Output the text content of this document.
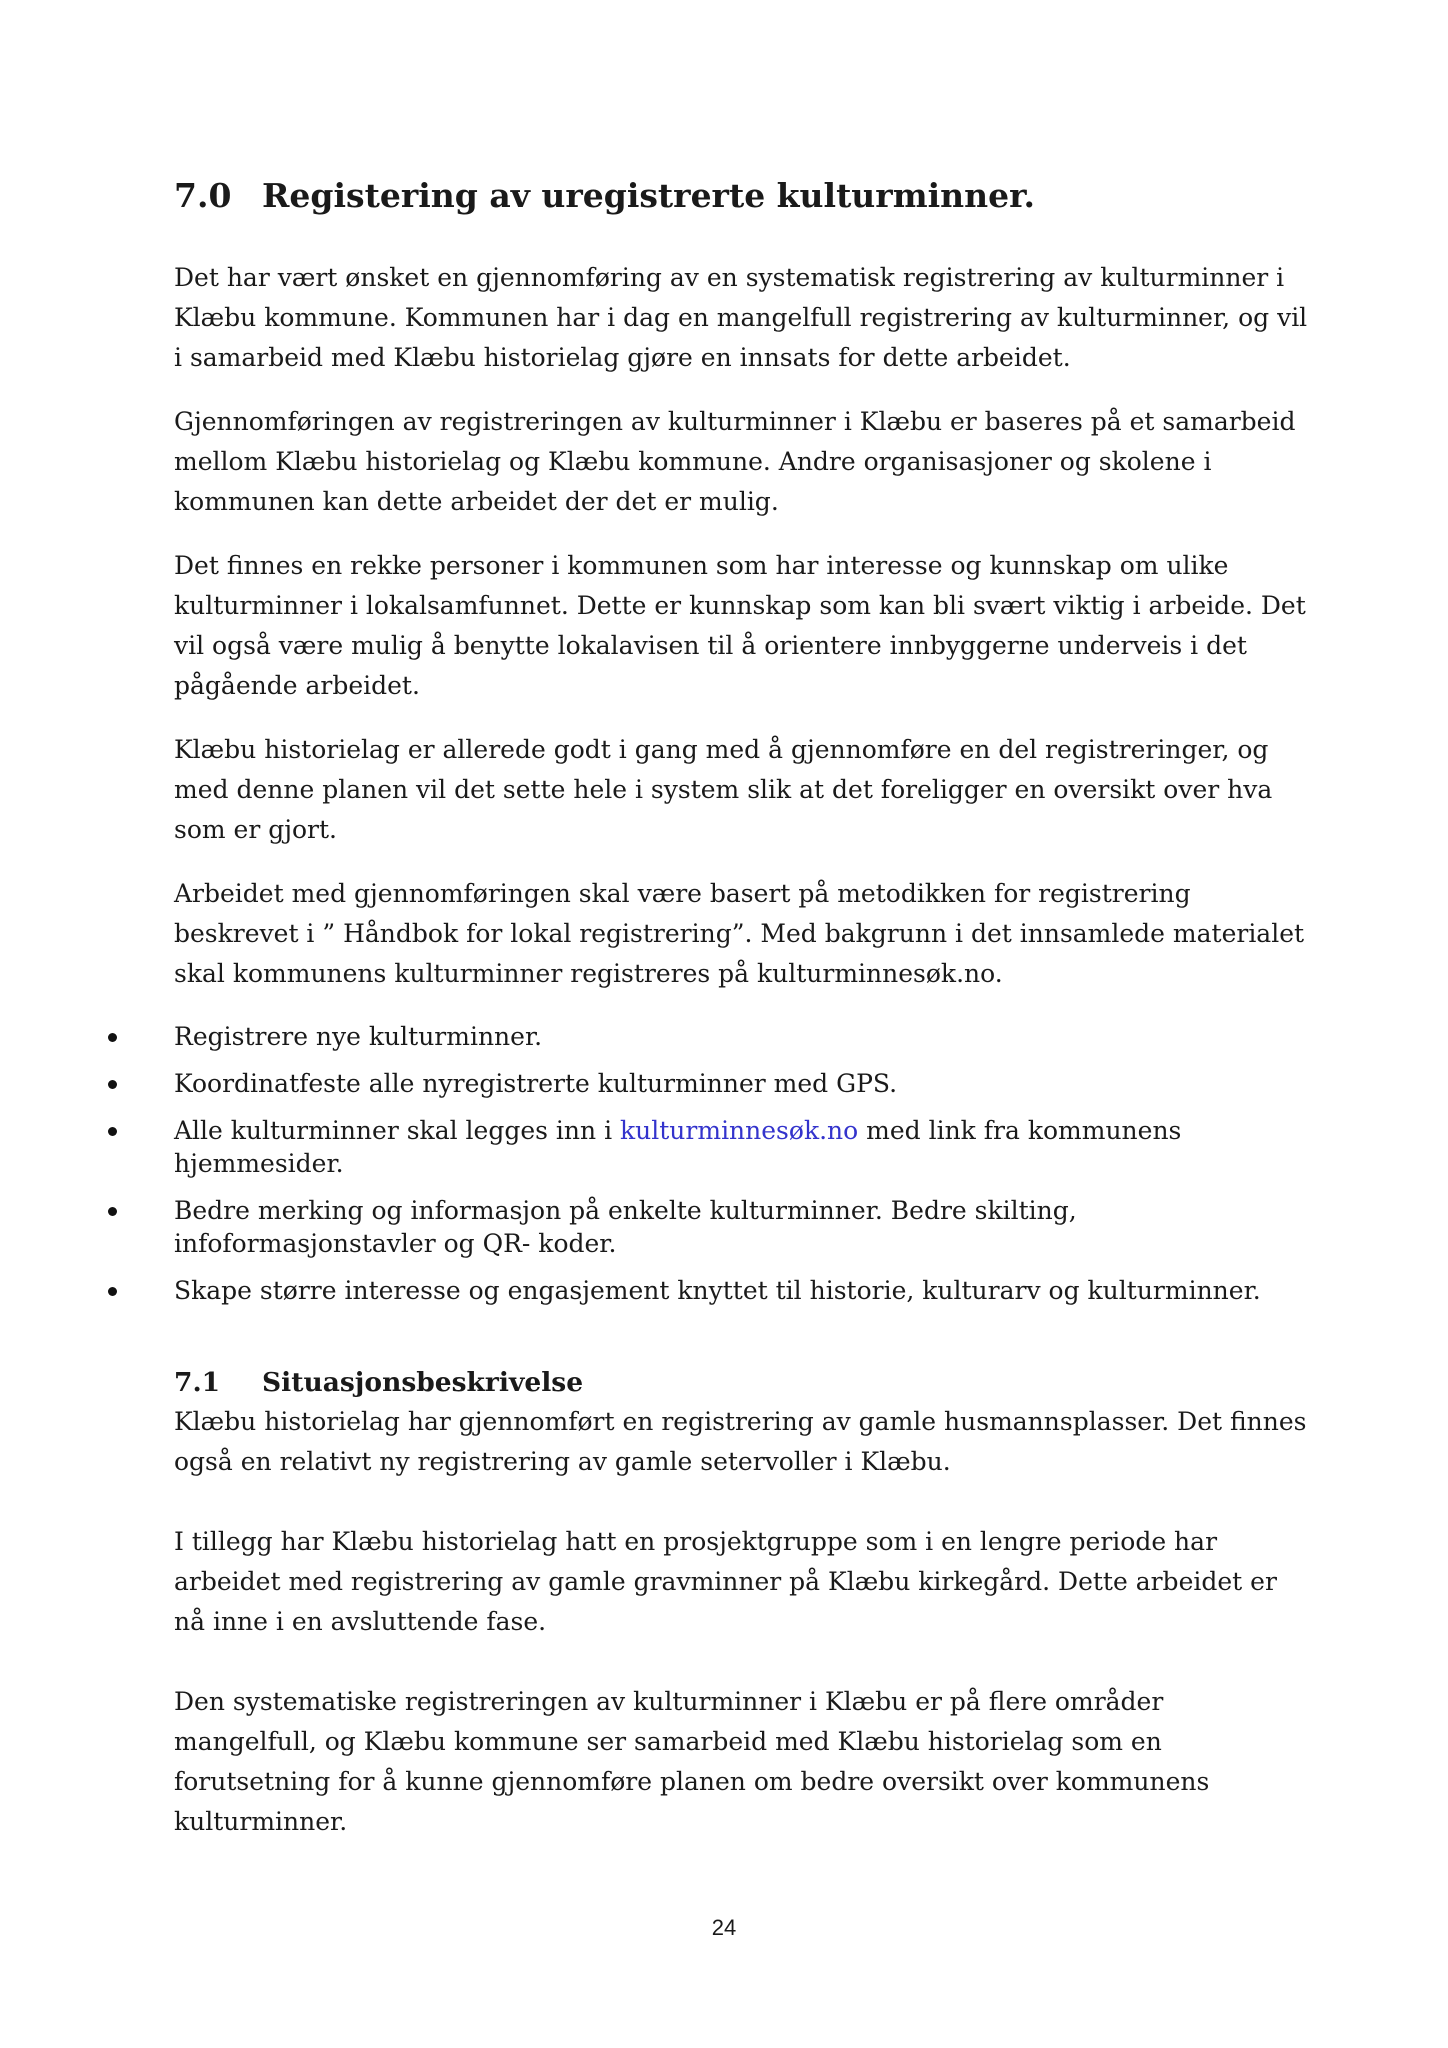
7.0 Registering av uregistrerte kulturminner.

Det har vært ønsket en gjennomføring av en systematisk registrering av kulturminner i Klæbu kommune. Kommunen har i dag en mangelfull registrering av kulturminner, og vil i samarbeid med Klæbu historielag gjøre en innsats for dette arbeidet.

Gjennomføringen av registreringen av kulturminner i Klæbu er baseres på et samarbeid mellom Klæbu historielag og Klæbu kommune. Andre organisasjoner og skolene i kommunen kan dette arbeidet der det er mulig.

Det finnes en rekke personer i kommunen som har interesse og kunnskap om ulike kulturminner i lokalsamfunnet. Dette er kunnskap som kan bli svært viktig i arbeide. Det vil også være mulig å benytte lokalavisen til å orientere innbyggerne underveis i det pågående arbeidet.

Klæbu historielag er allerede godt i gang med å gjennomføre en del registreringer, og med denne planen vil det sette hele i system slik at det foreligger en oversikt over hva som er gjort.

Arbeidet med gjennomføringen skal være basert på metodikken for registrering beskrevet i ” Håndbok for lokal registrering”. Med bakgrunn i det innsamlede materialet skal kommunens kulturminner registreres på kulturminnesøk.no.

Registrere nye kulturminner.
Koordinatfeste alle nyregistrerte kulturminner med GPS.
Alle kulturminner skal legges inn i kulturminnesøk.no med link fra kommunens hjemmesider.
Bedre merking og informasjon på enkelte kulturminner. Bedre skilting, infoformasjonstavler og QR- koder.
Skape større interesse og engasjement knyttet til historie, kulturarv og kulturminner.
7.1 Situasjonsbeskrivelse

Klæbu historielag har gjennomført en registrering av gamle husmannsplasser. Det finnes også en relativt ny registrering av gamle setervoller i Klæbu.

I tillegg har Klæbu historielag hatt en prosjektgruppe som i en lengre periode har arbeidet med registrering av gamle gravminner på Klæbu kirkegård. Dette arbeidet er nå inne i en avsluttende fase.

Den systematiske registreringen av kulturminner i Klæbu er på flere områder mangelfull, og Klæbu kommune ser samarbeid med Klæbu historielag som en forutsetning for å kunne gjennomføre planen om bedre oversikt over kommunens kulturminner.

24
